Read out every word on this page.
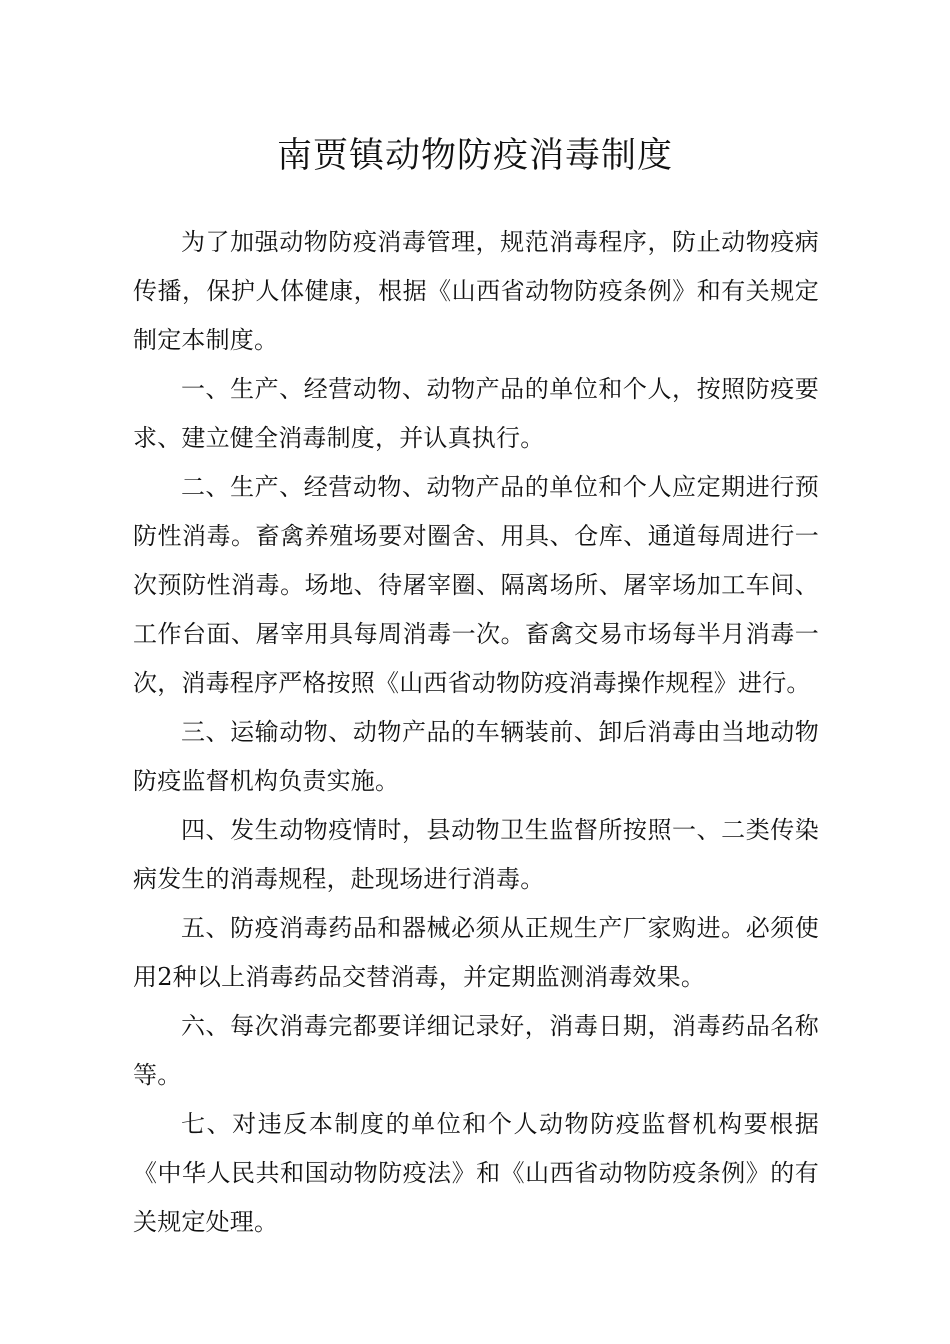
南贾镇动物防疫消毒制度

为了加强动物防疫消毒管理，规范消毒程序，防止动物疫病传播，保护人体健康，根据《山西省动物防疫条例》和有关规定制定本制度。

一、生产、经营动物、动物产品的单位和个人，按照防疫要求、建立健全消毒制度，并认真执行。

二、生产、经营动物、动物产品的单位和个人应定期进行预防性消毒。畜禽养殖场要对圈舍、用具、仓库、通道每周进行一次预防性消毒。场地、待屠宰圈、隔离场所、屠宰场加工车间、工作台面、屠宰用具每周消毒一次。畜禽交易市场每半月消毒一次，消毒程序严格按照《山西省动物防疫消毒操作规程》进行。

三、运输动物、动物产品的车辆装前、卸后消毒由当地动物防疫监督机构负责实施。

四、发生动物疫情时，县动物卫生监督所按照一、二类传染病发生的消毒规程，赴现场进行消毒。

五、防疫消毒药品和器械必须从正规生产厂家购进。必须使用2种以上消毒药品交替消毒，并定期监测消毒效果。

六、每次消毒完都要详细记录好，消毒日期，消毒药品名称等。

七、对违反本制度的单位和个人动物防疫监督机构要根据《中华人民共和国动物防疫法》和《山西省动物防疫条例》的有关规定处理。
